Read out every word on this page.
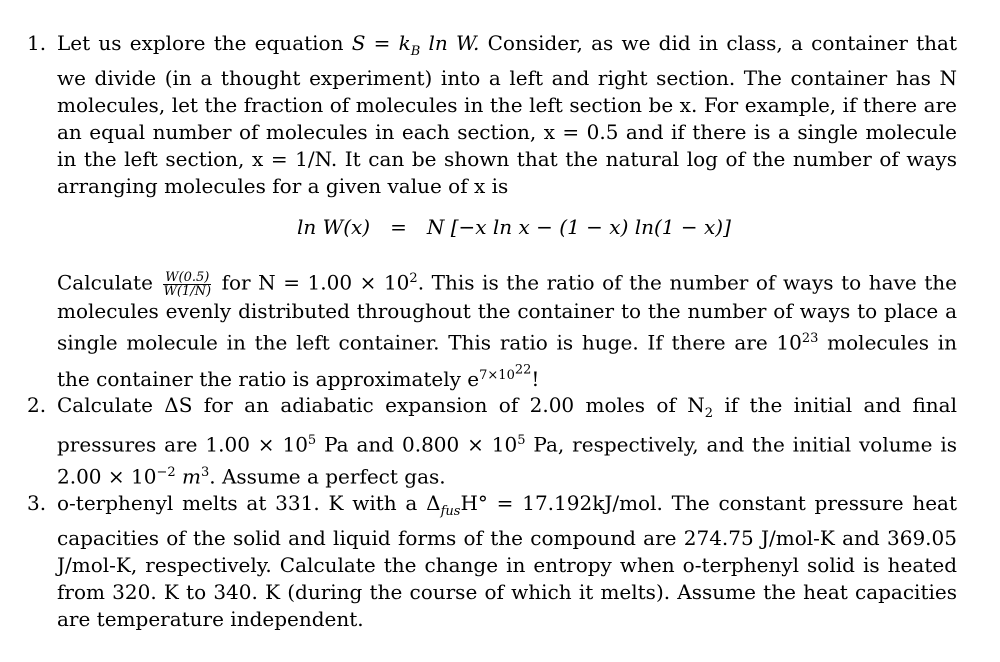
1. Let us explore the equation $S = k_B$ ln W. Consider, as we did in class, a container that we divide (in a thought experiment) into a left and right section. The container has N molecules, let the fraction of molecules in the left section be x. For example, if there are an equal number of molecules in each section, x = 0.5 and if there is a single molecule in the left section, x = 1/N. It can be shown that the natural log of the number of ways arranging molecules for a given value of x is

ln W(x) = N [−x ln x − (1 − x) ln(1 − x)]

Calculate $\frac{W(0.5)}{W(1/N)}$ for $N = 1.00 \times 10^2$. This is the ratio of the number of ways to have the molecules evenly distributed throughout the container to the number of ways to place a single molecule in the left container. This ratio is huge. If there are $10^{23}$ molecules in the container the ratio is approximately $e^{7\times 10^{22}}$!

2. Calculate ΔS for an adiabatic expansion of 2.00 moles of $N_2$ if the initial and final pressures are $1.00 \times 10^5$ Pa and $0.800 \times 10^5$ Pa, respectively, and the initial volume is $2.00 \times 10^{-2}$ $m^3$. Assume a perfect gas.

3. o-terphenyl melts at 331. K with a $\Delta_{fus}H^\circ = 17.192kJ/mol$. The constant pressure heat capacities of the solid and liquid forms of the compound are 274.75 J/mol-K and 369.05 J/mol-K, respectively. Calculate the change in entropy when o-terphenyl solid is heated from 320. K to 340. K (during the course of which it melts). Assume the heat capacities are temperature independent.
